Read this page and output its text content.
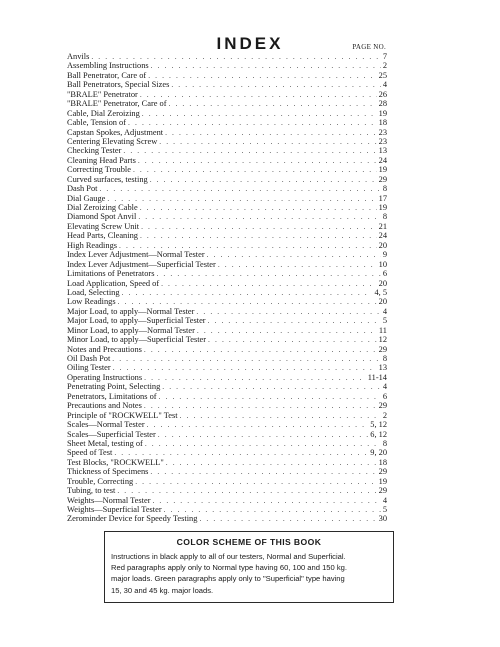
INDEX	PAGE NO.
Anvils . . .	7
Assembling Instructions . . .	2
Ball Penetrator, Care of . . .	25
Ball Penetrators, Special Sizes . . .	4
"BRALE" Penetrator . . .	26
"BRALE" Penetrator, Care of . . .	28
Cable, Dial Zeroizing . . .	19
Cable, Tension of . . .	18
Capstan Spokes, Adjustment . . .	23
Centering Elevating Screw . . .	23
Checking Tester . . .	13
Cleaning Head Parts . . .	24
Correcting Trouble . . .	19
Curved surfaces, testing . . .	29
Dash Pot . . .	8
Dial Gauge . . .	17
Dial Zeroizing Cable . . .	19
Diamond Spot Anvil . . .	8
Elevating Screw Unit . . .	21
Head Parts, Cleaning . . .	24
High Readings . . .	20
Index Lever Adjustment—Normal Tester . . .	9
Index Lever Adjustment—Superficial Tester . . .	10
Limitations of Penetrators . . .	6
Load Application, Speed of . . .	20
Load, Selecting . . .	4, 5
Low Readings . . .	20
Major Load, to apply—Normal Tester . . .	4
Major Load, to apply—Superficial Tester . . .	5
Minor Load, to apply—Normal Tester . . .	11
Minor Load, to apply—Superficial Tester . . .	12
Notes and Precautions . . .	29
Oil Dash Pot . . .	8
Oiling Tester . . .	13
Operating Instructions . . .	11-14
Penetrating Point, Selecting . . .	4
Penetrators, Limitations of . . .	6
Precautions and Notes . . .	29
Principle of "ROCKWELL" Test . . .	2
Scales—Normal Tester . . .	5, 12
Scales—Superficial Tester . . .	6, 12
Sheet Metal, testing of . . .	8
Speed of Test . . .	9, 20
Test Blocks, "ROCKWELL" . . .	18
Thickness of Specimens . . .	29
Trouble, Correcting . . .	19
Tubing, to test . . .	29
Weights—Normal Tester . . .	4
Weights—Superficial Tester . . .	5
Zerominder Device for Speedy Testing . . .	30
COLOR SCHEME OF THIS BOOK
Instructions in black apply to all of our testers, Normal and Superficial.
Red paragraphs apply only to Normal type having 60, 100 and 150 kg.
major loads. Green paragraphs apply only to "Superficial" type having
15, 30 and 45 kg. major loads.
